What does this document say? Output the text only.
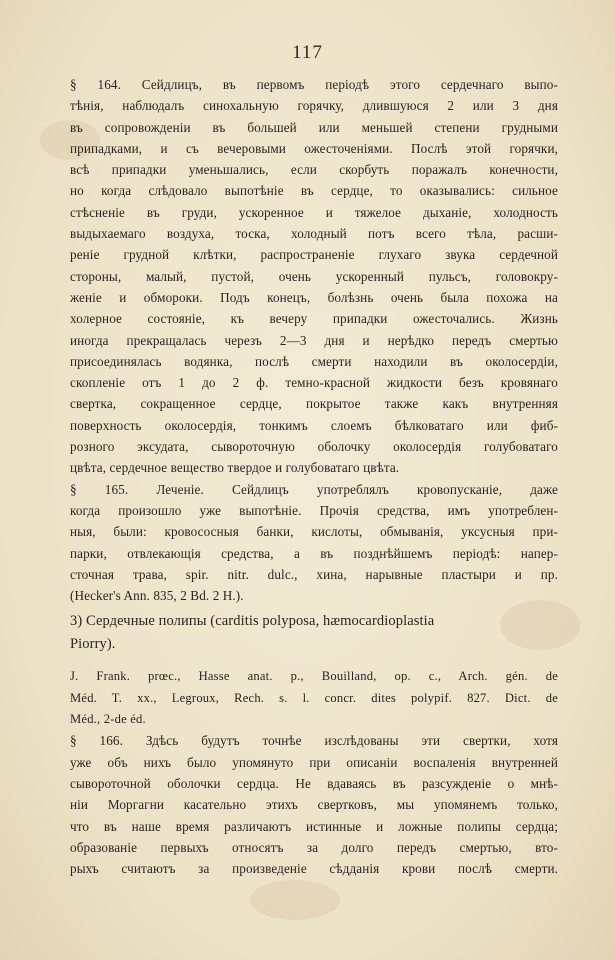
117
§ 164. Сейдлицъ, въ первомъ періодѣ этого сердечнаго выпо-
тѣнія, наблюдалъ синохальную горячку, длившуюся 2 или 3 дня
въ сопровожденіи въ большей или меньшей степени грудными
припадками, и съ вечеровыми ожесточеніями. Послѣ этой горячки,
всѣ припадки уменьшались, если скорбуть поражалъ конечности,
но когда слѣдовало выпотѣніе въ сердце, то оказывались: сильное
стѣсненіе въ груди, ускоренное и тяжелое дыханіе, холодность
выдыхаемаго воздуха, тоска, холодный потъ всего тѣла, расши-
реніе грудной клѣтки, распространеніе глухаго звука сердечной
стороны, малый, пустой, очень ускоренный пульсъ, головокру-
женіе и обмороки. Подъ конецъ, болѣзнь очень была похожа на
холерное состояніе, къ вечеру припадки ожесточались. Жизнь
иногда прекращалась черезъ 2—3 дня и нерѣдко передъ смертью
присоединялась водянка, послѣ смерти находили въ околосердіи,
скопленіе отъ 1 до 2 ф. темно-красной жидкости безъ кровянаго
свертка, сокращенное сердце, покрытое также какъ внутренняя
поверхность околосердія, тонкимъ слоемъ бѣлковатаго или фиб-
розного эксудата, сывороточную оболочку околосердія голубоватаго
цвѣта, сердечное вещество твердое и голубоватаго цвѣта.
§ 165. Леченіе. Сейдлицъ употреблялъ кровопусканіе, даже
когда произошло уже выпотѣніе. Прочія средства, имъ употреблен-
ныя, были: кровососныя банки, кислоты, обмыванія, уксусныя при-
парки, отвлекающія средства, а въ позднѣйшемъ періодѣ: напер-
сточная трава, spir. nitr. dulc., хина, нарывные пластыри и пр.
(Hecker's Ann. 835, 2 Bd. 2 H.).
3) Сердечные полипы (carditis polyposa, hæmocardioplastia
Piorry).
J. Frank. prœc., Hasse anat. p., Bouilland, op. c., Arch. gén. de
Méd. T. xx., Legroux, Rech. s. l. concr. dites polypif. 827. Dict. de
Méd., 2-de éd.
§ 166. Здѣсь будутъ точнѣе изслѣдованы эти свертки, хотя
уже объ нихъ было упомянуто при описаніи воспаленія внутренней
сывороточной оболочки сердца. Не вдаваясь въ разсужденіе о мнѣ-
ніи Моргагни касательно этихъ свертковъ, мы упомянемъ только,
что въ наше время различаютъ истинные и ложные полипы сердца;
образованіе первыхъ относятъ за долго передъ смертью, вто-
рыхъ считаютъ за произведеніе сѣдданія крови послѣ смерти.
